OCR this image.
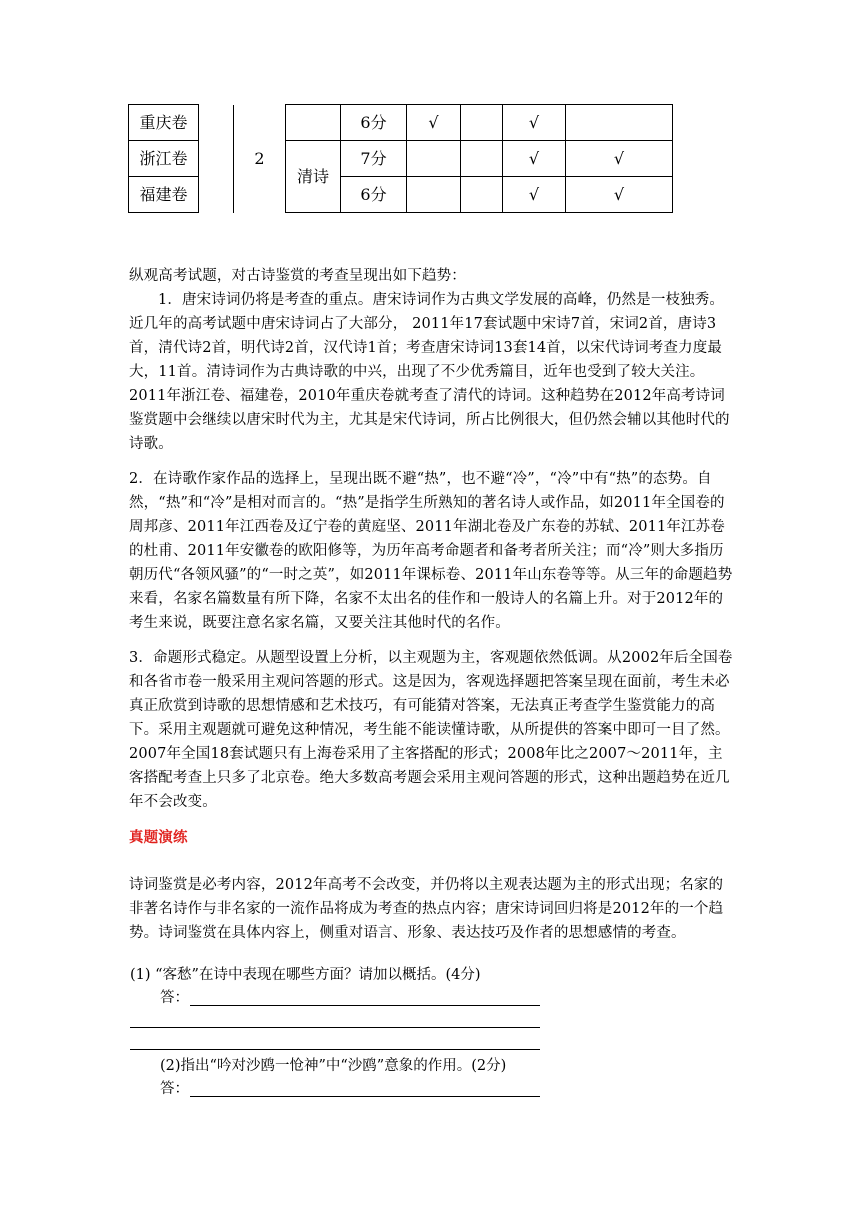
重庆卷		2		6分	√		√	
浙江卷			清诗	7分			√	√
福建卷				6分			√	√

纵观高考试题，对古诗鉴赏的考查呈现出如下趋势：

1．唐宋诗词仍将是考查的重点。唐宋诗词作为古典文学发展的高峰，仍然是一枝独秀。近几年的高考试题中唐宋诗词占了大部分， 2011年17套试题中宋诗7首，宋词2首，唐诗3首，清代诗2首，明代诗2首，汉代诗1首；考查唐宋诗词13套14首，以宋代诗词考查力度最大，11首。清诗词作为古典诗歌的中兴，出现了不少优秀篇目，近年也受到了较大关注。2011年浙江卷、福建卷，2010年重庆卷就考查了清代的诗词。这种趋势在2012年高考诗词鉴赏题中会继续以唐宋时代为主，尤其是宋代诗词，所占比例很大，但仍然会辅以其他时代的诗歌。

2．在诗歌作家作品的选择上，呈现出既不避“热”，也不避“冷”，“冷”中有“热”的态势。自然，“热”和“冷”是相对而言的。“热”是指学生所熟知的著名诗人或作品，如2011年全国卷的周邦彦、2011年江西卷及辽宁卷的黄庭坚、2011年湖北卷及广东卷的苏轼、2011年江苏卷的杜甫、2011年安徽卷的欧阳修等，为历年高考命题者和备考者所关注；而“冷”则大多指历朝历代“各领风骚”的“一时之英”，如2011年课标卷、2011年山东卷等等。从三年的命题趋势来看，名家名篇数量有所下降，名家不太出名的佳作和一般诗人的名篇上升。对于2012年的考生来说，既要注意名家名篇，又要关注其他时代的名作。
3．命题形式稳定。从题型设置上分析，以主观题为主，客观题依然低调。从2002年后全国卷和各省市卷一般采用主观问答题的形式。这是因为，客观选择题把答案呈现在面前，考生未必真正欣赏到诗歌的思想情感和艺术技巧，有可能猜对答案，无法真正考查学生鉴赏能力的高下。采用主观题就可避免这种情况，考生能不能读懂诗歌，从所提供的答案中即可一目了然。2007年全国18套试题只有上海卷采用了主客搭配的形式；2008年比之2007～2011年，主客搭配考查上只多了北京卷。绝大多数高考题会采用主观问答题的形式，这种出题趋势在近几年不会改变。
真题演练
诗词鉴赏是必考内容，2012年高考不会改变，并仍将以主观表达题为主的形式出现；名家的非著名诗作与非名家的一流作品将成为考查的热点内容；唐宋诗词回归将是2012年的一个趋势。诗词鉴赏在具体内容上，侧重对语言、形象、表达技巧及作者的思想感情的考查。
(1) “客愁”在诗中表现在哪些方面？请加以概括。(4分)
答：
(2)指出“吟对沙鸥一怆神”中“沙鸥”意象的作用。(2分)
答：
